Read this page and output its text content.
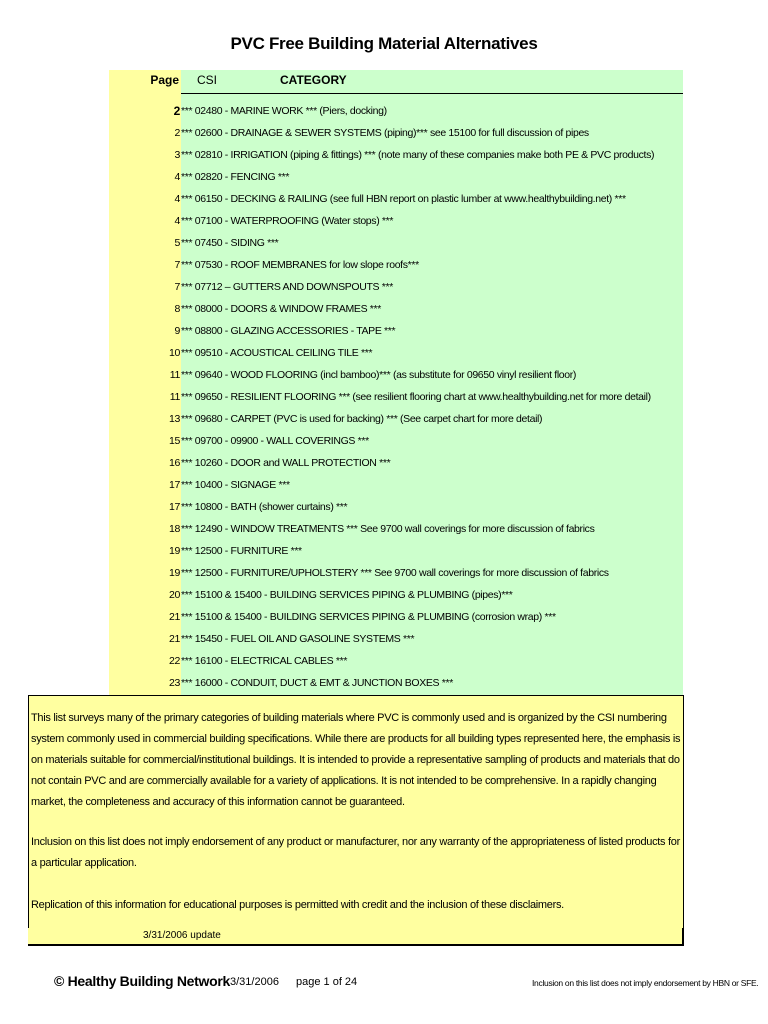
PVC Free Building Material Alternatives
Page CSI	CATEGORY
2 *** 02480 - MARINE WORK *** (Piers, docking)
2 *** 02600 - DRAINAGE & SEWER SYSTEMS (piping)*** see 15100 for full discussion of pipes
3 *** 02810 - IRRIGATION (piping & fittings) *** (note many of these companies make both PE & PVC products)
4 *** 02820 - FENCING ***
4 *** 06150 - DECKING & RAILING (see full HBN report on plastic lumber at www.healthybuilding.net) ***
4 *** 07100 - WATERPROOFING (Water stops) ***
5 *** 07450 - SIDING ***
7 *** 07530 - ROOF MEMBRANES for low slope roofs***
7 *** 07712 – GUTTERS AND DOWNSPOUTS ***
8 *** 08000 - DOORS & WINDOW FRAMES ***
9 *** 08800 - GLAZING ACCESSORIES - TAPE ***
10 *** 09510 - ACOUSTICAL CEILING TILE ***
11 *** 09640 - WOOD FLOORING (incl bamboo)*** (as substitute for 09650 vinyl resilient floor)
11 *** 09650 - RESILIENT FLOORING *** (see resilient flooring chart at www.healthybuilding.net for more detail)
13 *** 09680 - CARPET (PVC is used for backing) *** (See carpet chart for more detail)
15 *** 09700 - 09900 - WALL COVERINGS ***
16 *** 10260 - DOOR and WALL PROTECTION ***
17 *** 10400 - SIGNAGE ***
17 *** 10800 - BATH (shower curtains) ***
18 *** 12490 - WINDOW TREATMENTS *** See 9700 wall coverings for more discussion of fabrics
19 *** 12500 - FURNITURE ***
19 *** 12500 - FURNITURE/UPHOLSTERY *** See 9700 wall coverings for more discussion of fabrics
20 *** 15100 & 15400 - BUILDING SERVICES PIPING & PLUMBING (pipes)***
21 *** 15100 & 15400 - BUILDING SERVICES PIPING & PLUMBING (corrosion wrap) ***
21 *** 15450 - FUEL OIL AND GASOLINE SYSTEMS ***
22 *** 16100 - ELECTRICAL CABLES ***
23 *** 16000 - CONDUIT, DUCT & EMT & JUNCTION BOXES ***
This list surveys many of the primary categories of building materials where PVC is commonly used and is organized by the CSI numbering system commonly used in commercial building specifications. While there are products for all building types represented here, the emphasis is on materials suitable for commercial/institutional buildings. It is intended to provide a representative sampling of products and materials that do not contain PVC and are commercially available for a variety of applications. It is not intended to be comprehensive. In a rapidly changing market, the completeness and accuracy of this information cannot be guaranteed.
Inclusion on this list does not imply endorsement of any product or manufacturer, nor any warranty of the appropriateness of listed products for a particular application.
Replication of this information for educational purposes is permitted with credit and the inclusion of these disclaimers.
3/31/2006 update
© Healthy Building Network 3/31/2006 page 1 of 24	Inclusion on this list does not imply endorsement by HBN or SFE.
